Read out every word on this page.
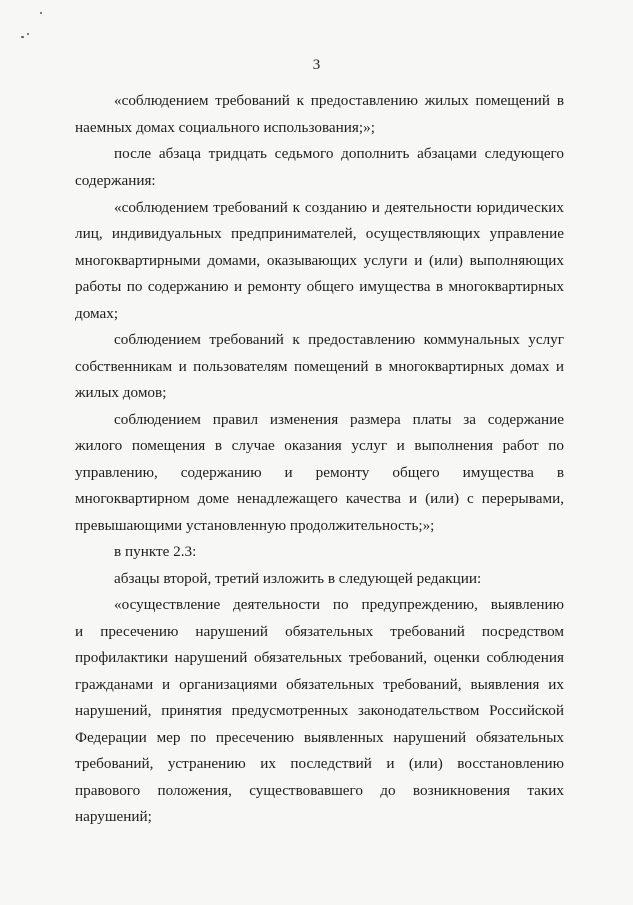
3
«соблюдением требований к предоставлению жилых помещений в
наемных домах социального использования;»;
после абзаца тридцать седьмого дополнить абзацами следующего
содержания:
«соблюдением требований к созданию и деятельности юридических
лиц, индивидуальных предпринимателей, осуществляющих управление
многоквартирными домами, оказывающих услуги и (или) выполняющих
работы по содержанию и ремонту общего имущества в многоквартирных
домах;
соблюдением требований к предоставлению коммунальных услуг
собственникам и пользователям помещений в многоквартирных домах и
жилых домов;
соблюдением правил изменения размера платы за содержание
жилого помещения в случае оказания услуг и выполнения работ по
управлению, содержанию и ремонту общего имущества в
многоквартирном доме ненадлежащего качества и (или) с перерывами,
превышающими установленную продолжительность;»;
в пункте 2.3:
абзацы второй, третий изложить в следующей редакции:
«осуществление деятельности по предупреждению, выявлению
и пресечению нарушений обязательных требований посредством
профилактики нарушений обязательных требований, оценки соблюдения
гражданами и организациями обязательных требований, выявления их
нарушений, принятия предусмотренных законодательством Российской
Федерации мер по пресечению выявленных нарушений обязательных
требований, устранению их последствий и (или) восстановлению
правового положения, существовавшего до возникновения таких
нарушений;
